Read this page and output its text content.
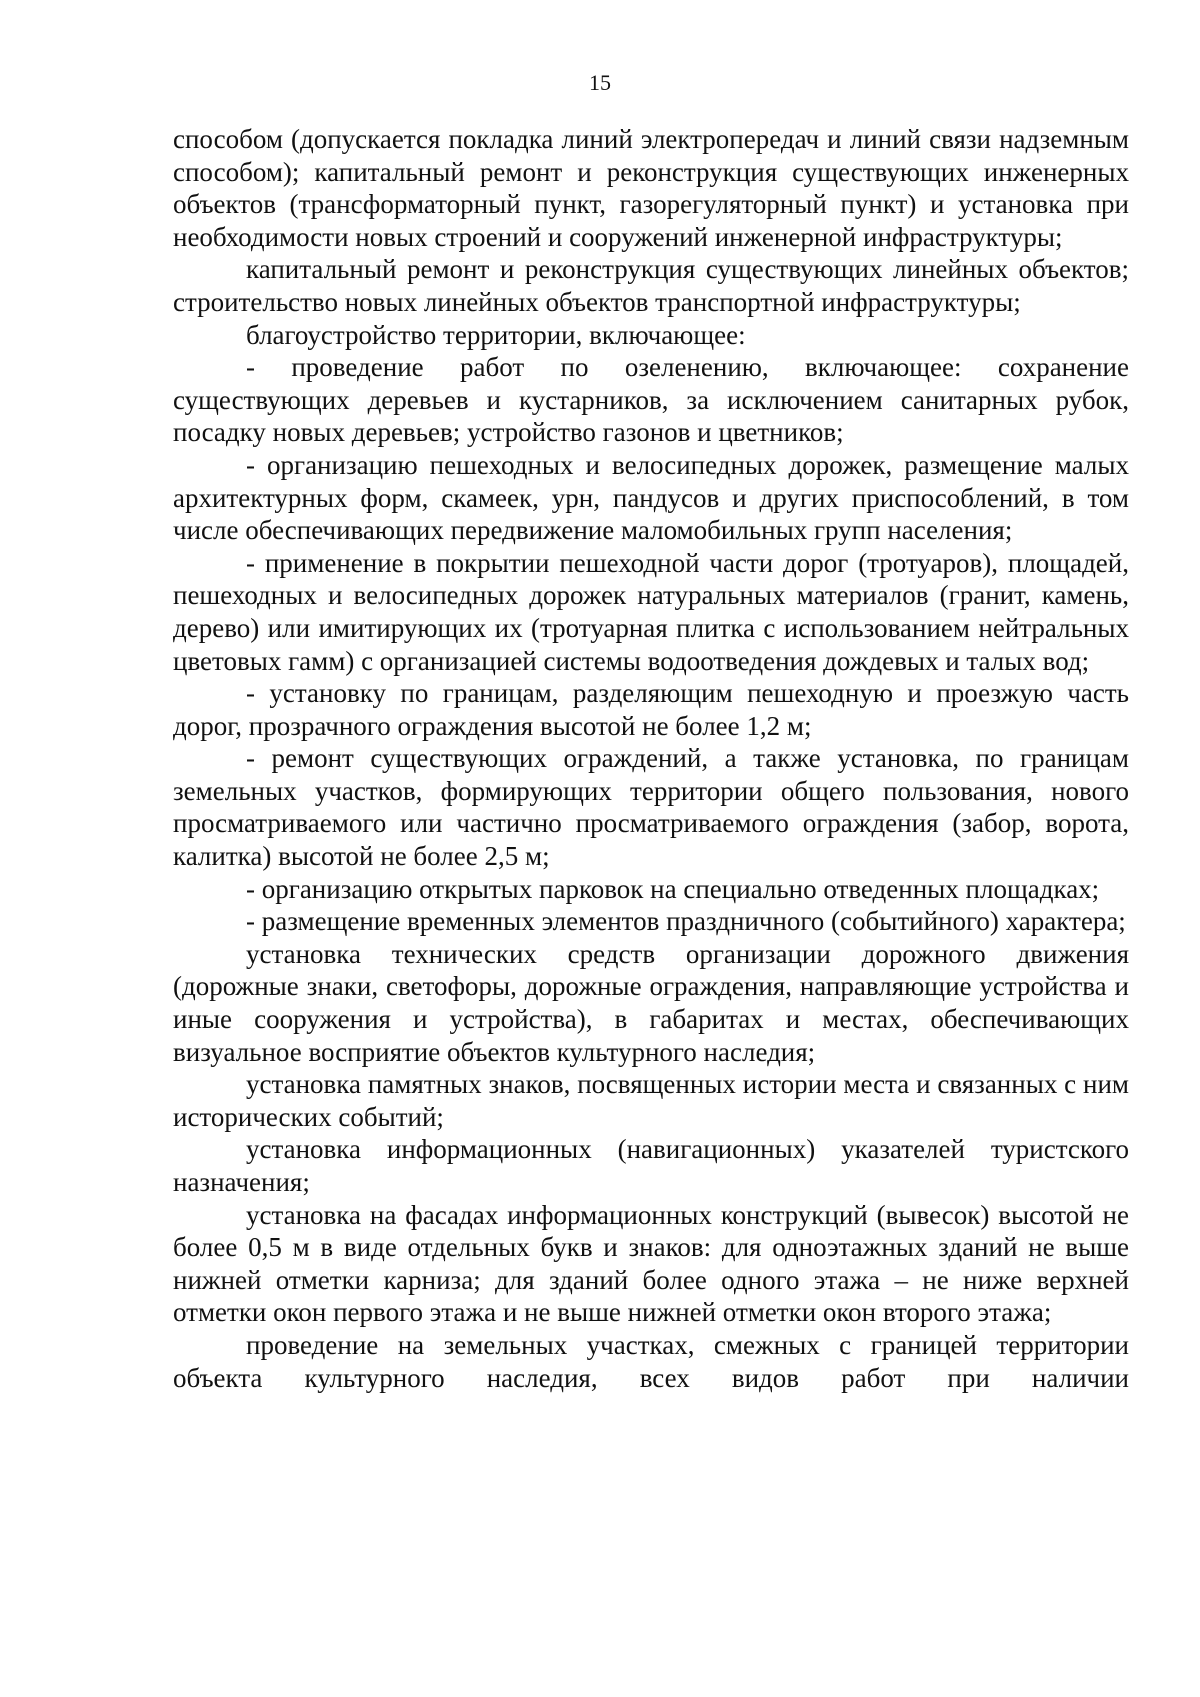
15

способом (допускается покладка линий электропередач и линий связи надземным способом); капитальный ремонт и реконструкция существующих инженерных объектов (трансформаторный пункт, газорегуляторный пункт) и установка при необходимости новых строений и сооружений инженерной инфраструктуры;

капитальный ремонт и реконструкция существующих линейных объектов; строительство новых линейных объектов транспортной инфраструктуры;

благоустройство территории, включающее:

- проведение работ по озеленению, включающее: сохранение существующих деревьев и кустарников, за исключением санитарных рубок, посадку новых деревьев; устройство газонов и цветников;

- организацию пешеходных и велосипедных дорожек, размещение малых архитектурных форм, скамеек, урн, пандусов и других приспособлений, в том числе обеспечивающих передвижение маломобильных групп населения;

- применение в покрытии пешеходной части дорог (тротуаров), площадей, пешеходных и велосипедных дорожек натуральных материалов (гранит, камень, дерево) или имитирующих их (тротуарная плитка с использованием нейтральных цветовых гамм) с организацией системы водоотведения дождевых и талых вод;

- установку по границам, разделяющим пешеходную и проезжую часть дорог, прозрачного ограждения высотой не более 1,2 м;

- ремонт существующих ограждений, а также установка, по границам земельных участков, формирующих территории общего пользования, нового просматриваемого или частично просматриваемого ограждения (забор, ворота, калитка) высотой не более 2,5 м;

- организацию открытых парковок на специально отведенных площадках;

- размещение временных элементов праздничного (событийного) характера;

установка технических средств организации дорожного движения (дорожные знаки, светофоры, дорожные ограждения, направляющие устройства и иные сооружения и устройства), в габаритах и местах, обеспечивающих визуальное восприятие объектов культурного наследия;

установка памятных знаков, посвященных истории места и связанных с ним исторических событий;

установка информационных (навигационных) указателей туристского назначения;

установка на фасадах информационных конструкций (вывесок) высотой не более 0,5 м в виде отдельных букв и знаков: для одноэтажных зданий не выше нижней отметки карниза; для зданий более одного этажа – не ниже верхней отметки окон первого этажа и не выше нижней отметки окон второго этажа;

проведение на земельных участках, смежных с границей территории объекта культурного наследия, всех видов работ при наличии
